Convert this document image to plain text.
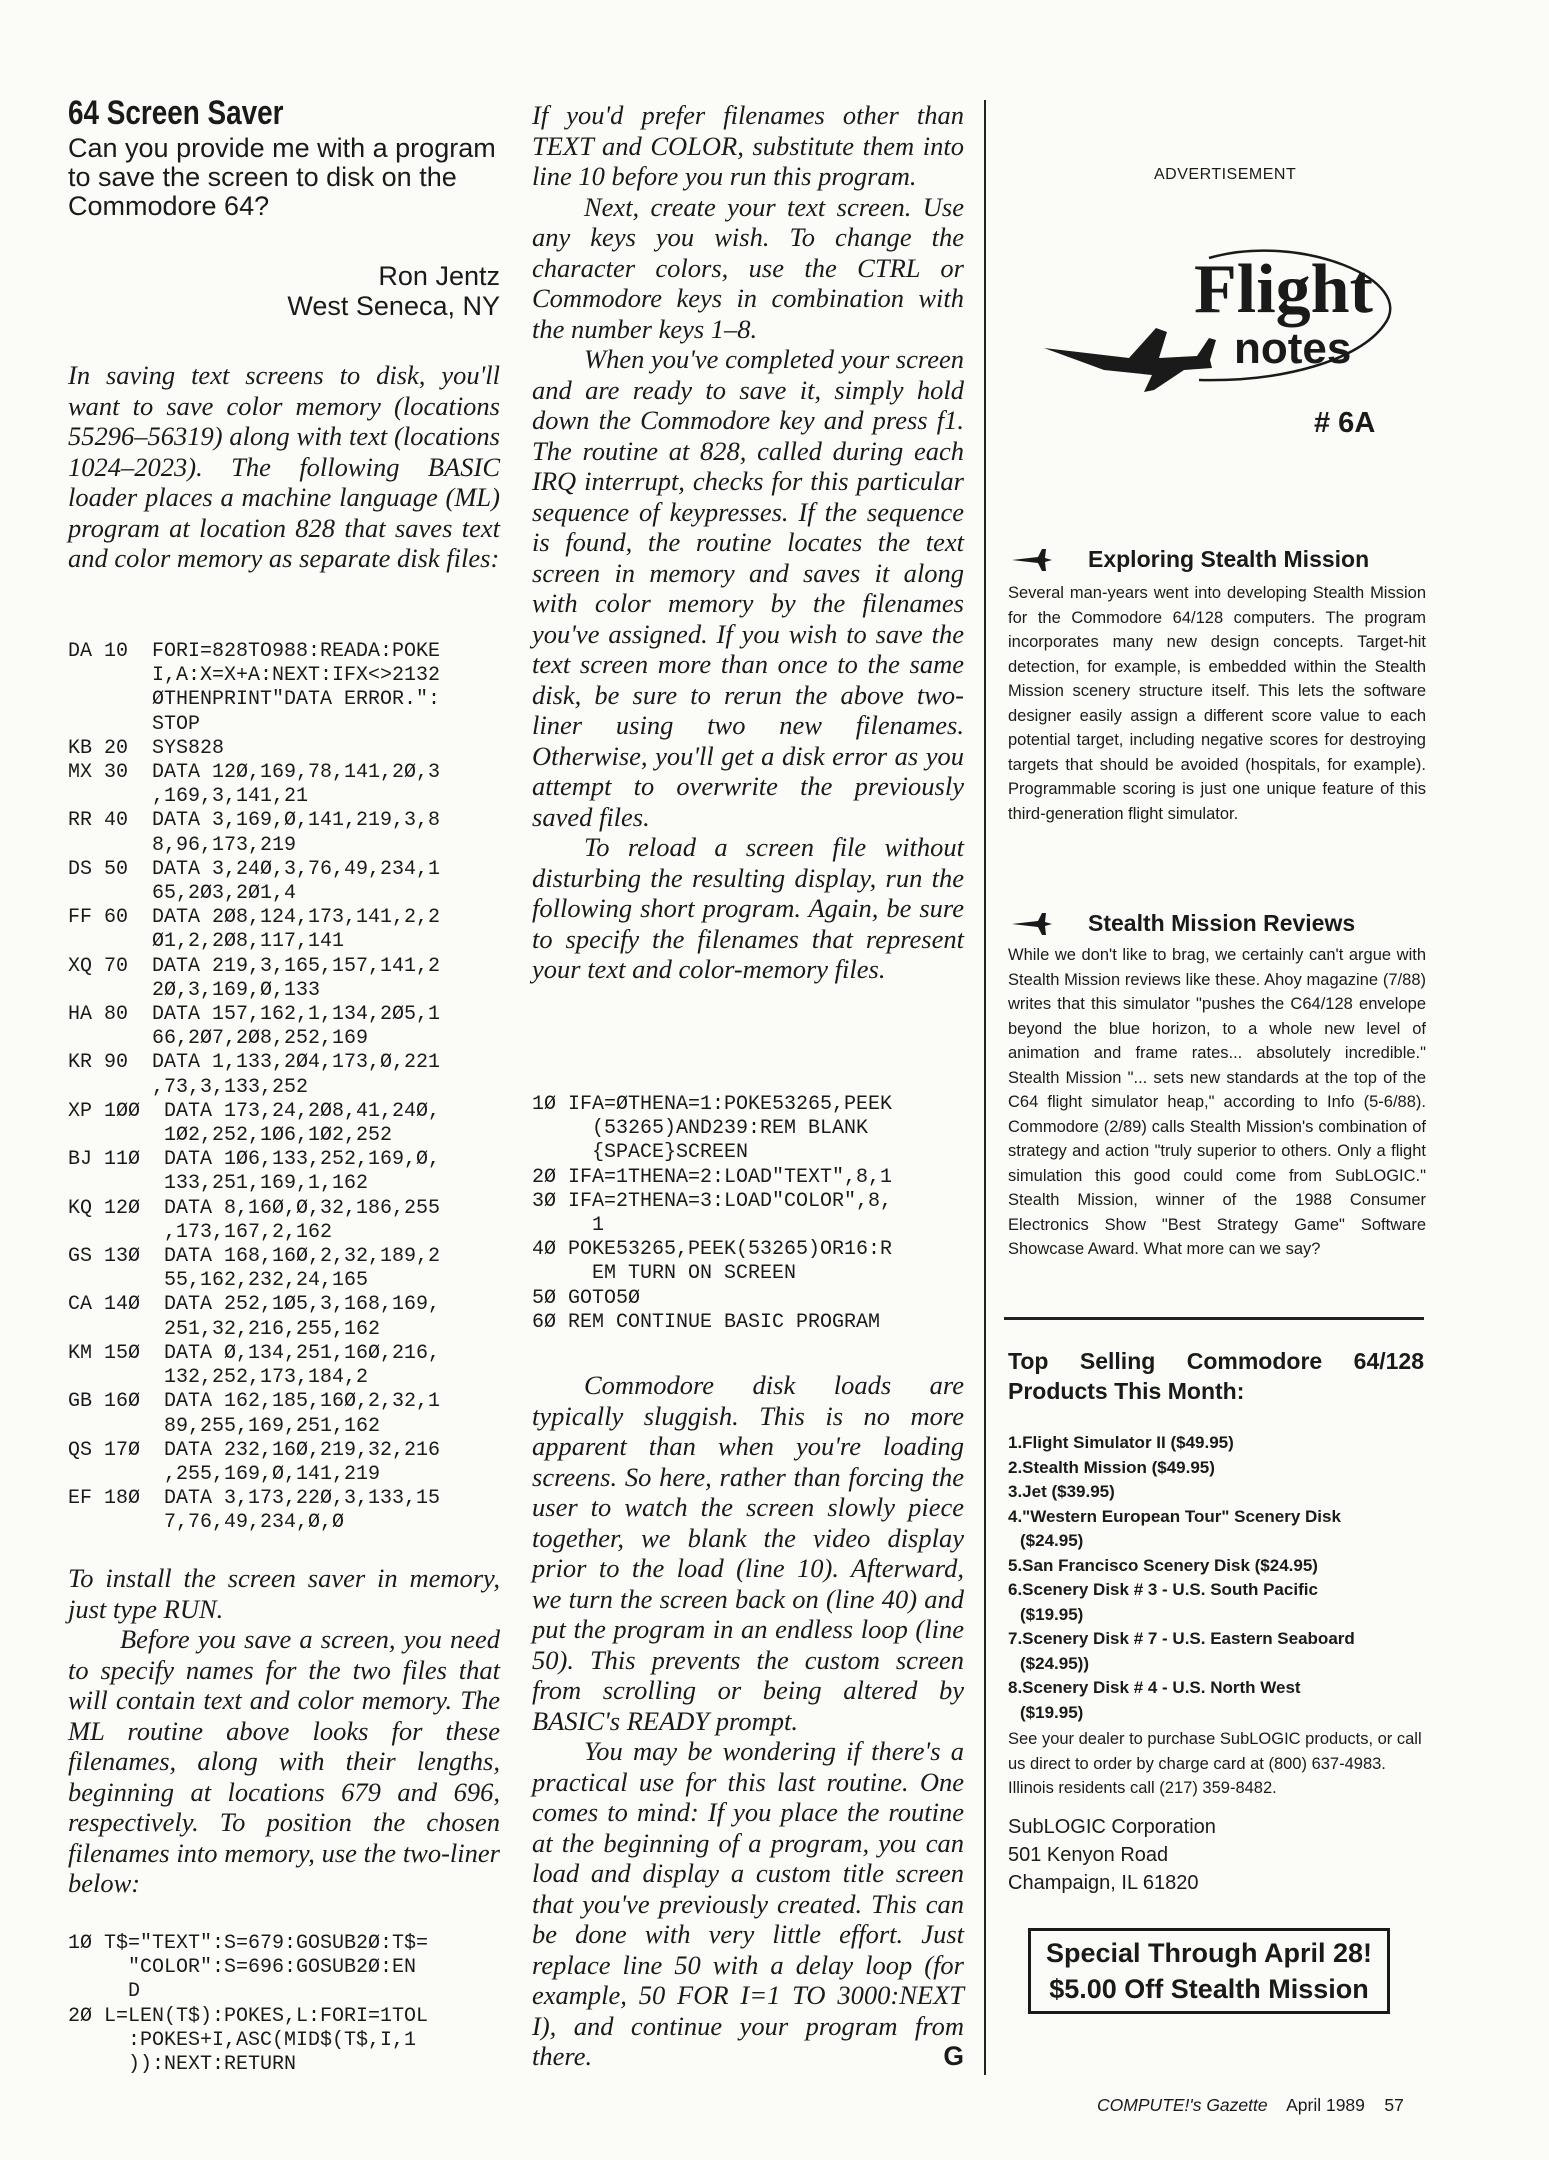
64 Screen Saver
Can you provide me with a program to save the screen to disk on the Commodore 64?
Ron Jentz
West Seneca, NY

In saving text screens to disk, you'll want to save color memory (locations 55296–56319) along with text (locations 1024–2023). The following BASIC loader places a machine language (ML) program at location 828 that saves text and color memory as separate disk files:

DA 10  FORI=828TO988:READA:POKE
I,A:X=X+A:NEXT:IFX<>2132
ØTHENPRINT"DATA ERROR.":
STOP
KB 20  SYS828
MX 30  DATA 12Ø,169,78,141,2Ø,3
,169,3,141,21
RR 40  DATA 3,169,Ø,141,219,3,8
8,96,173,219
DS 50  DATA 3,24Ø,3,76,49,234,1
65,2Ø3,2Ø1,4
FF 60  DATA 2Ø8,124,173,141,2,2
Ø1,2,2Ø8,117,141
XQ 70  DATA 219,3,165,157,141,2
2Ø,3,169,Ø,133
HA 80  DATA 157,162,1,134,2Ø5,1
66,2Ø7,2Ø8,252,169
KR 90  DATA 1,133,2Ø4,173,Ø,221
,73,3,133,252
XP 1ØØ  DATA 173,24,2Ø8,41,24Ø,
1Ø2,252,1Ø6,1Ø2,252
BJ 11Ø  DATA 1Ø6,133,252,169,Ø,
133,251,169,1,162
KQ 12Ø  DATA 8,16Ø,Ø,32,186,255
,173,167,2,162
GS 13Ø  DATA 168,16Ø,2,32,189,2
55,162,232,24,165
CA 14Ø  DATA 252,1Ø5,3,168,169,
251,32,216,255,162
KM 15Ø  DATA Ø,134,251,16Ø,216,
132,252,173,184,2
GB 16Ø  DATA 162,185,16Ø,2,32,1
89,255,169,251,162
QS 17Ø  DATA 232,16Ø,219,32,216
,255,169,Ø,141,219
EF 18Ø  DATA 3,173,22Ø,3,133,15
7,76,49,234,Ø,Ø

To install the screen saver in memory, just type RUN.

Before you save a screen, you need to specify names for the two files that will contain text and color memory. The ML routine above looks for these filenames, along with their lengths, beginning at locations 679 and 696, respectively. To position the chosen filenames into memory, use the two-liner below:

1Ø T$="TEXT":S=679:GOSUB2Ø:T$=
"COLOR":S=696:GOSUB2Ø:EN
D
2Ø L=LEN(T$):POKES,L:FORI=1TOL
:POKES+I,ASC(MID$(T$,I,1
)):NEXT:RETURN

If you'd prefer filenames other than TEXT and COLOR, substitute them into line 10 before you run this program.

Next, create your text screen. Use any keys you wish. To change the character colors, use the CTRL or Commodore keys in combination with the number keys 1–8.

When you've completed your screen and are ready to save it, simply hold down the Commodore key and press f1. The routine at 828, called during each IRQ interrupt, checks for this particular sequence of keypresses. If the sequence is found, the routine locates the text screen in memory and saves it along with color memory by the filenames you've assigned. If you wish to save the text screen more than once to the same disk, be sure to rerun the above two-liner using two new filenames. Otherwise, you'll get a disk error as you attempt to overwrite the previously saved files.

To reload a screen file without disturbing the resulting display, run the following short program. Again, be sure to specify the filenames that represent your text and color-memory files.

1Ø IFA=ØTHENA=1:POKE53265,PEEK
(53265)AND239:REM BLANK
{SPACE}SCREEN
2Ø IFA=1THENA=2:LOAD"TEXT",8,1
3Ø IFA=2THENA=3:LOAD"COLOR",8,
1
4Ø POKE53265,PEEK(53265)OR16:R
EM TURN ON SCREEN
5Ø GOTO5Ø
6Ø REM CONTINUE BASIC PROGRAM

Commodore disk loads are typically sluggish. This is no more apparent than when you're loading screens. So here, rather than forcing the user to watch the screen slowly piece together, we blank the video display prior to the load (line 10). Afterward, we turn the screen back on (line 40) and put the program in an endless loop (line 50). This prevents the custom screen from scrolling or being altered by BASIC's READY prompt.

You may be wondering if there's a practical use for this last routine. One comes to mind: If you place the routine at the beginning of a program, you can load and display a custom title screen that you've previously created. This can be done with very little effort. Just replace line 50 with a delay loop (for example, 50 FOR I=1 TO 3000:NEXT I), and continue your program from there.	G

ADVERTISEMENT
Flight
notes
# 6A
Exploring Stealth Mission
Several man-years went into developing Stealth Mission for the Commodore 64/128 computers. The program incorporates many new design concepts. Target-hit detection, for example, is embedded within the Stealth Mission scenery structure itself. This lets the software designer easily assign a different score value to each potential target, including negative scores for destroying targets that should be avoided (hospitals, for example). Programmable scoring is just one unique feature of this third-generation flight simulator.
Stealth Mission Reviews
While we don't like to brag, we certainly can't argue with Stealth Mission reviews like these. Ahoy magazine (7/88) writes that this simulator "pushes the C64/128 envelope beyond the blue horizon, to a whole new level of animation and frame rates... absolutely incredible." Stealth Mission "... sets new standards at the top of the C64 flight simulator heap," according to Info (5-6/88). Commodore (2/89) calls Stealth Mission's combination of strategy and action "truly superior to others. Only a flight simulation this good could come from SubLOGIC." Stealth Mission, winner of the 1988 Consumer Electronics Show "Best Strategy Game" Software Showcase Award. What more can we say?
Top Selling Commodore 64/128 Products This Month:
1.Flight Simulator II ($49.95)
2.Stealth Mission ($49.95)
3.Jet ($39.95)
4."Western European Tour" Scenery Disk
($24.95)
5.San Francisco Scenery Disk ($24.95)
6.Scenery Disk # 3 - U.S. South Pacific
($19.95)
7.Scenery Disk # 7 - U.S. Eastern Seaboard
($24.95))
8.Scenery Disk # 4 - U.S. North West
($19.95)
See your dealer to purchase SubLOGIC products, or call us direct to order by charge card at (800) 637-4983. Illinois residents call (217) 359-8482.
SubLOGIC Corporation
501 Kenyon Road
Champaign, IL 61820
Special Through April 28!
$5.00 Off Stealth Mission
COMPUTE!'s Gazette April 1989 57
